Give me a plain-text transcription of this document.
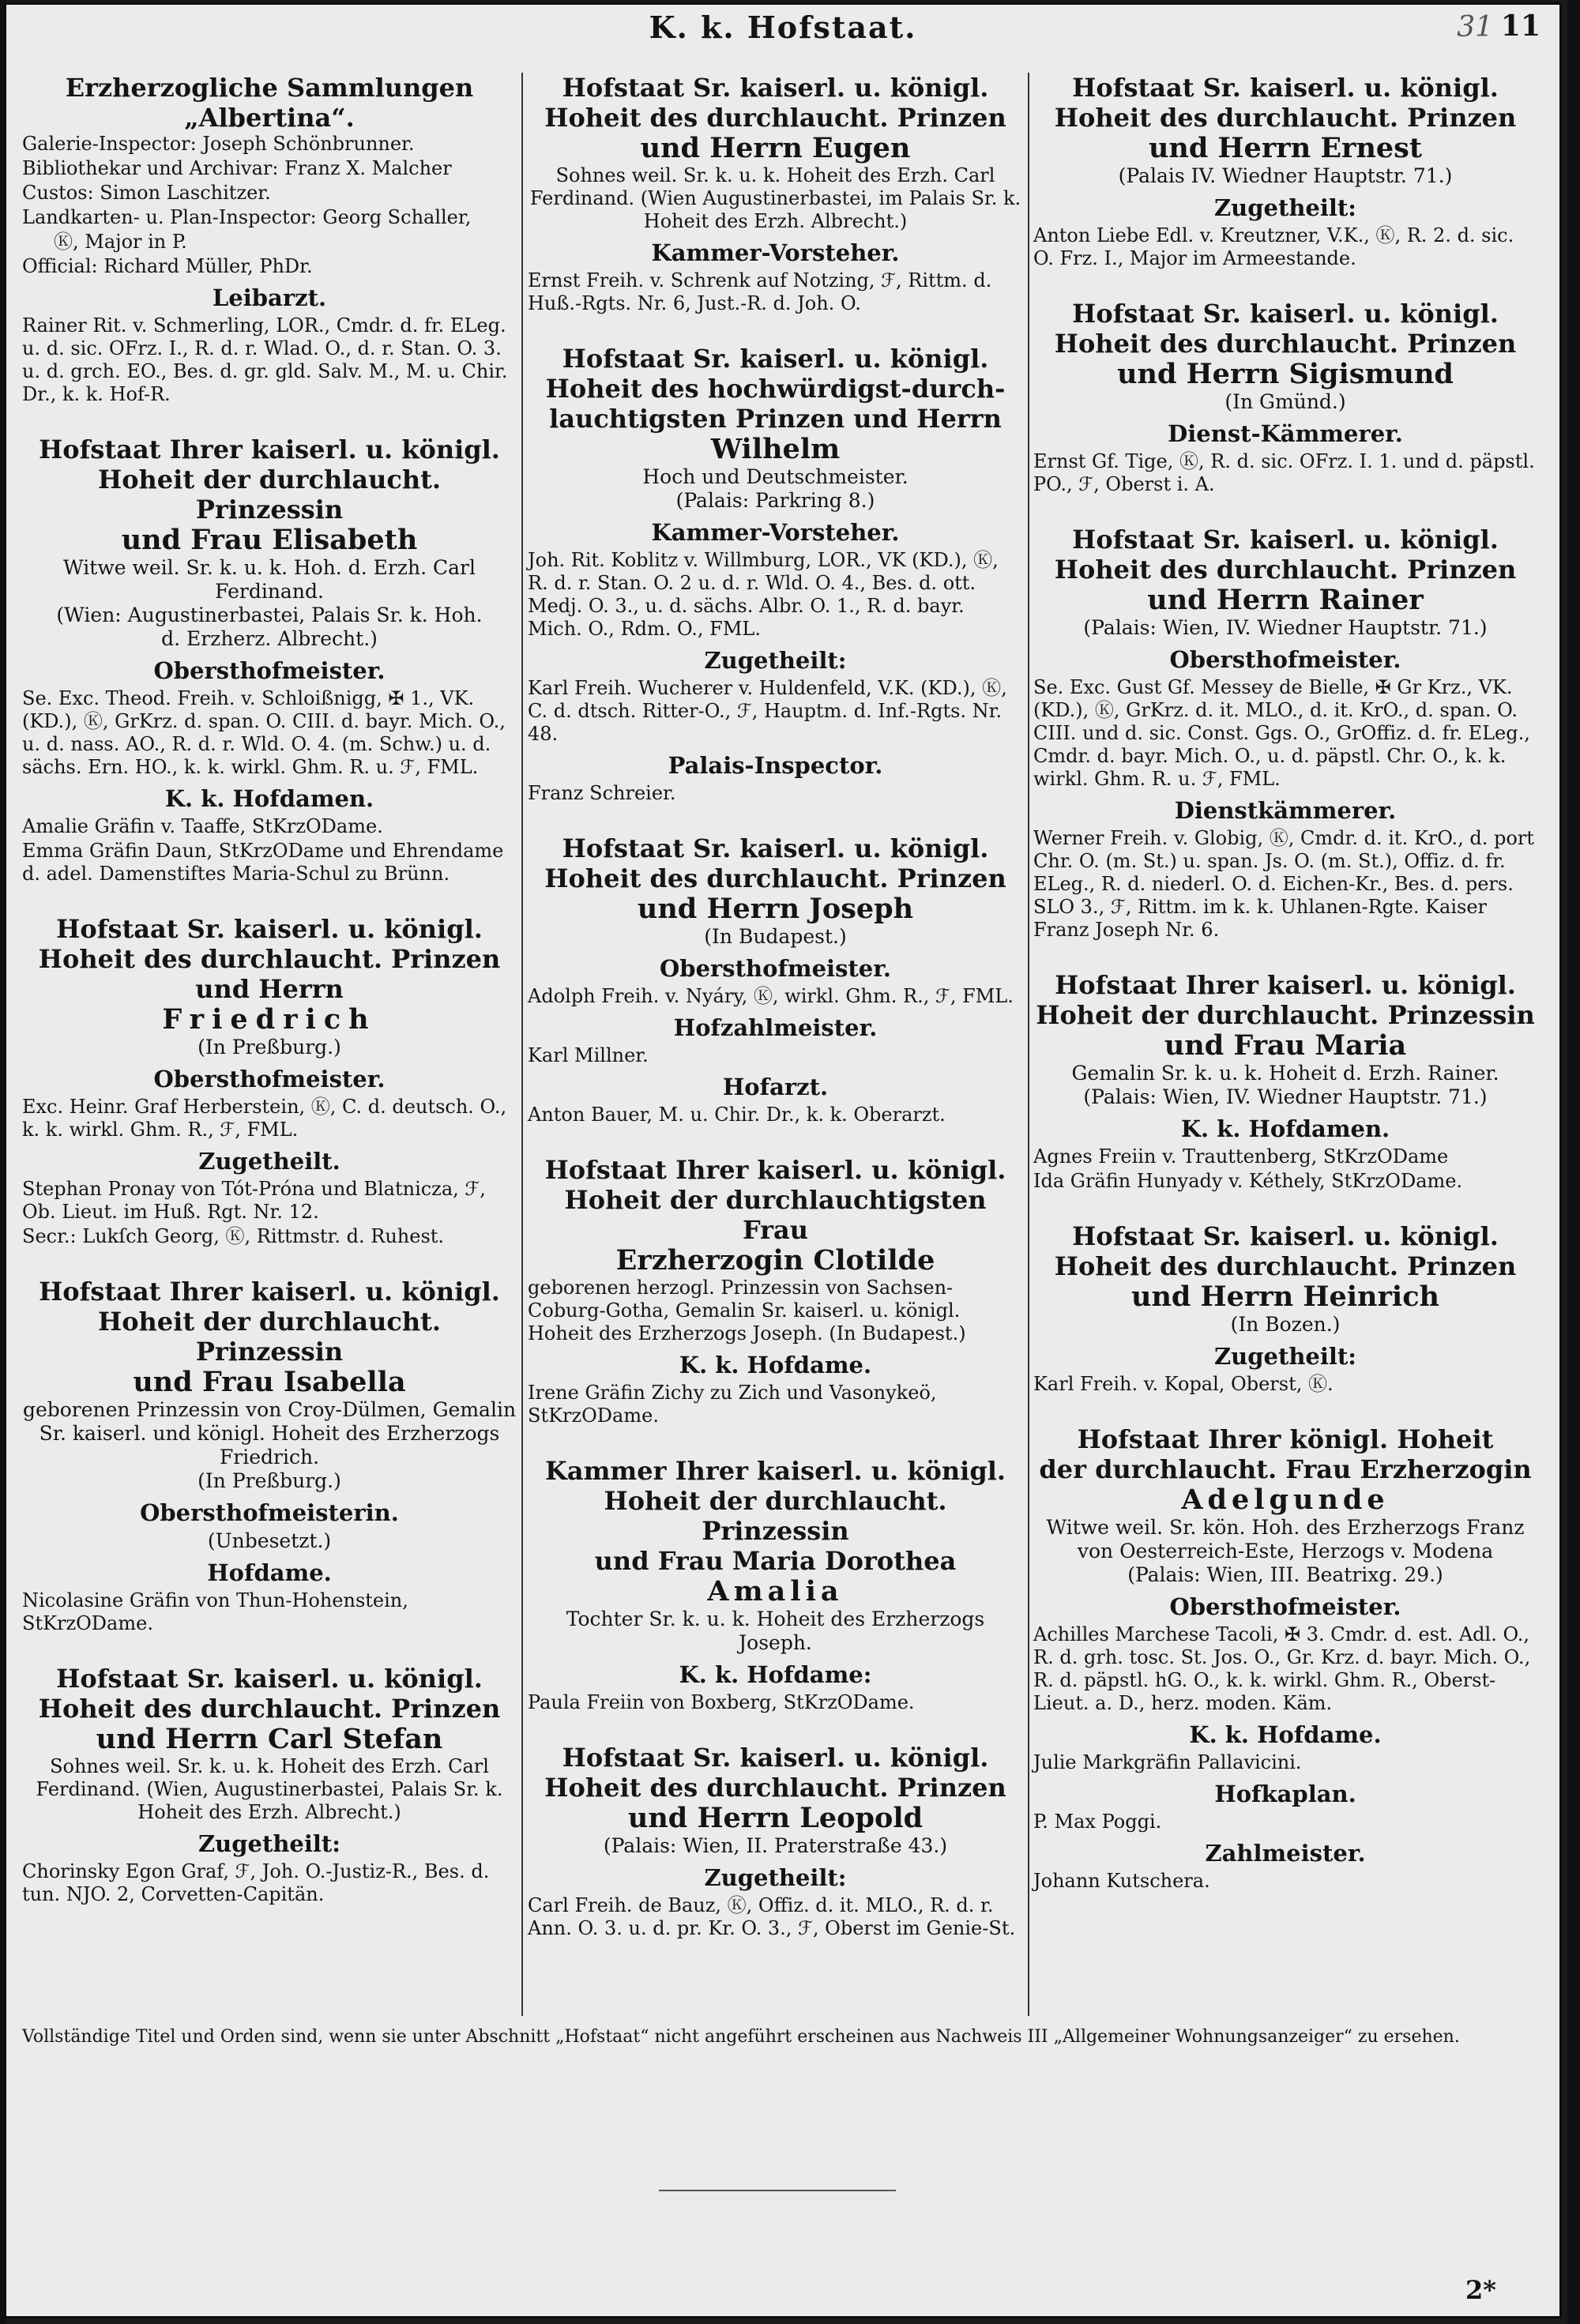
K. k. Hofstaat.	31 11
Erzherzogliche Sammlungen
„Albertina“.
Galerie-Inspector: Joseph Schönbrunner.
Bibliothekar und Archivar: Franz X. Malcher
Custos: Simon Laschitzer.
Landkarten- u. Plan-Inspector: Georg Schaller,
Ⓚ, Major in P.
Official: Richard Müller, PhDr.
Leibarzt.
Rainer Rit. v. Schmerling, LOR., Cmdr. d. fr. ELeg. u. d. sic. OFrz. I., R. d. r. Wlad. O., d. r. Stan. O. 3. u. d. grch. EO., Bes. d. gr. gld. Salv. M., M. u. Chir. Dr., k. k. Hof-R.
Hofstaat Ihrer kaiserl. u. königl.
Hoheit der durchlaucht. Prinzessin
und Frau Elisabeth
Witwe weil. Sr. k. u. k. Hoh. d. Erzh. Carl
Ferdinand.
(Wien: Augustinerbastei, Palais Sr. k. Hoh.
d. Erzherz. Albrecht.)
Obersthofmeister.
Se. Exc. Theod. Freih. v. Schloißnigg, ✠ 1., VK. (KD.), Ⓚ, GrKrz. d. span. O. CIII. d. bayr. Mich. O., u. d. nass. AO., R. d. r. Wld. O. 4. (m. Schw.) u. d. sächs. Ern. HO., k. k. wirkl. Ghm. R. u. ℱ, FML.
K. k. Hofdamen.
Amalie Gräfin v. Taaffe, StKrzODame.
Emma Gräfin Daun, StKrzODame und Ehrendame d. adel. Damenstiftes Maria-Schul zu Brünn.
Hofstaat Sr. kaiserl. u. königl.
Hoheit des durchlaucht. Prinzen
und Herrn
Friedrich
(In Preßburg.)
Obersthofmeister.
Exc. Heinr. Graf Herberstein, Ⓚ, C. d. deutsch. O., k. k. wirkl. Ghm. R., ℱ, FML.
Zugetheilt.
Stephan Pronay von Tót-Próna und Blatnicza, ℱ, Ob. Lieut. im Huß. Rgt. Nr. 12.
Secr.: Lukſch Georg, Ⓚ, Rittmstr. d. Ruhest.
Hofstaat Ihrer kaiserl. u. königl.
Hoheit der durchlaucht. Prinzessin
und Frau Isabella
geborenen Prinzessin von Croy-Dülmen, Gemalin Sr. kaiserl. und königl. Hoheit des Erzherzogs Friedrich.
(In Preßburg.)
Obersthofmeisterin.
(Unbesetzt.)
Hofdame.
Nicolasine Gräfin von Thun-Hohenstein, StKrzODame.
Hofstaat Sr. kaiserl. u. königl.
Hoheit des durchlaucht. Prinzen
und Herrn Carl Stefan
Sohnes weil. Sr. k. u. k. Hoheit des Erzh. Carl Ferdinand. (Wien, Augustinerbastei, Palais Sr. k. Hoheit des Erzh. Albrecht.)
Zugetheilt:
Chorinsky Egon Graf, ℱ, Joh. O.-Justiz-R., Bes. d. tun. NJO. 2, Corvetten-Capitän.
Hofstaat Sr. kaiserl. u. königl.
Hoheit des durchlaucht. Prinzen
und Herrn Eugen
Sohnes weil. Sr. k. u. k. Hoheit des Erzh. Carl Ferdinand. (Wien Augustinerbastei, im Palais Sr. k. Hoheit des Erzh. Albrecht.)
Kammer-Vorsteher.
Ernst Freih. v. Schrenk auf Notzing, ℱ, Rittm. d. Huß.-Rgts. Nr. 6, Just.-R. d. Joh. O.
Hofstaat Sr. kaiserl. u. königl.
Hoheit des hochwürdigst-durch-
lauchtigsten Prinzen und Herrn
Wilhelm
Hoch und Deutschmeister.
(Palais: Parkring 8.)
Kammer-Vorsteher.
Joh. Rit. Koblitz v. Willmburg, LOR., VK (KD.), Ⓚ, R. d. r. Stan. O. 2 u. d. r. Wld. O. 4., Bes. d. ott. Medj. O. 3., u. d. sächs. Albr. O. 1., R. d. bayr. Mich. O., Rdm. O., FML.
Zugetheilt:
Karl Freih. Wucherer v. Huldenfeld, V.K. (KD.), Ⓚ, C. d. dtsch. Ritter-O., ℱ, Hauptm. d. Inf.-Rgts. Nr. 48.
Palais-Inspector.
Franz Schreier.
Hofstaat Sr. kaiserl. u. königl.
Hoheit des durchlaucht. Prinzen
und Herrn Joseph
(In Budapest.)
Obersthofmeister.
Adolph Freih. v. Nyáry, Ⓚ, wirkl. Ghm. R., ℱ, FML.
Hofzahlmeister.
Karl Millner.
Hofarzt.
Anton Bauer, M. u. Chir. Dr., k. k. Oberarzt.
Hofstaat Ihrer kaiserl. u. königl.
Hoheit der durchlauchtigsten Frau
Erzherzogin Clotilde
geborenen herzogl. Prinzessin von Sachsen-Coburg-Gotha, Gemalin Sr. kaiserl. u. königl. Hoheit des Erzherzogs Joseph. (In Budapest.)
K. k. Hofdame.
Irene Gräfin Zichy zu Zich und Vasonykeö, StKrzODame.
Kammer Ihrer kaiserl. u. königl.
Hoheit der durchlaucht. Prinzessin
und Frau Maria Dorothea
Amalia
Tochter Sr. k. u. k. Hoheit des Erzherzogs Joseph.
K. k. Hofdame:
Paula Freiin von Boxberg, StKrzODame.
Hofstaat Sr. kaiserl. u. königl.
Hoheit des durchlaucht. Prinzen
und Herrn Leopold
(Palais: Wien, II. Praterstraße 43.)
Zugetheilt:
Carl Freih. de Bauz, Ⓚ, Offiz. d. it. MLO., R. d. r. Ann. O. 3. u. d. pr. Kr. O. 3., ℱ, Oberst im Genie-St.
Hofstaat Sr. kaiserl. u. königl.
Hoheit des durchlaucht. Prinzen
und Herrn Ernest
(Palais IV. Wiedner Hauptstr. 71.)
Zugetheilt:
Anton Liebe Edl. v. Kreutzner, V.K., Ⓚ, R. 2. d. sic. O. Frz. I., Major im Armeestande.
Hofstaat Sr. kaiserl. u. königl.
Hoheit des durchlaucht. Prinzen
und Herrn Sigismund
(In Gmünd.)
Dienst-Kämmerer.
Ernst Gf. Tige, Ⓚ, R. d. sic. OFrz. I. 1. und d. päpstl. PO., ℱ, Oberst i. A.
Hofstaat Sr. kaiserl. u. königl.
Hoheit des durchlaucht. Prinzen
und Herrn Rainer
(Palais: Wien, IV. Wiedner Hauptstr. 71.)
Obersthofmeister.
Se. Exc. Gust Gf. Messey de Bielle, ✠ Gr Krz., VK. (KD.), Ⓚ, GrKrz. d. it. MLO., d. it. KrO., d. span. O. CIII. und d. sic. Const. Ggs. O., GrOffiz. d. fr. ELeg., Cmdr. d. bayr. Mich. O., u. d. päpstl. Chr. O., k. k. wirkl. Ghm. R. u. ℱ, FML.
Dienstkämmerer.
Werner Freih. v. Globig, Ⓚ, Cmdr. d. it. KrO., d. port Chr. O. (m. St.) u. span. Js. O. (m. St.), Offiz. d. fr. ELeg., R. d. niederl. O. d. Eichen-Kr., Bes. d. pers. SLO 3., ℱ, Rittm. im k. k. Uhlanen-Rgte. Kaiser Franz Joseph Nr. 6.
Hofstaat Ihrer kaiserl. u. königl.
Hoheit der durchlaucht. Prinzessin
und Frau Maria
Gemalin Sr. k. u. k. Hoheit d. Erzh. Rainer.
(Palais: Wien, IV. Wiedner Hauptstr. 71.)
K. k. Hofdamen.
Agnes Freiin v. Trauttenberg, StKrzODame
Ida Gräfin Hunyady v. Kéthely, StKrzODame.
Hofstaat Sr. kaiserl. u. königl.
Hoheit des durchlaucht. Prinzen
und Herrn Heinrich
(In Bozen.)
Zugetheilt:
Karl Freih. v. Kopal, Oberst, Ⓚ.
Hofstaat Ihrer königl. Hoheit
der durchlaucht. Frau Erzherzogin
Adelgunde
Witwe weil. Sr. kön. Hoh. des Erzherzogs Franz von Oesterreich-Este, Herzogs v. Modena
(Palais: Wien, III. Beatrixg. 29.)
Obersthofmeister.
Achilles Marchese Tacoli, ✠ 3. Cmdr. d. est. Adl. O., R. d. grh. tosc. St. Jos. O., Gr. Krz. d. bayr. Mich. O., R. d. päpstl. hG. O., k. k. wirkl. Ghm. R., Oberst-Lieut. a. D., herz. moden. Käm.
K. k. Hofdame.
Julie Markgräfin Pallavicini.
Hofkaplan.
P. Max Poggi.
Zahlmeister.
Johann Kutschera.
Vollständige Titel und Orden sind, wenn sie unter Abschnitt „Hofstaat“ nicht angeführt erscheinen aus Nachweis III „Allgemeiner Wohnungsanzeiger“ zu ersehen.
2*
